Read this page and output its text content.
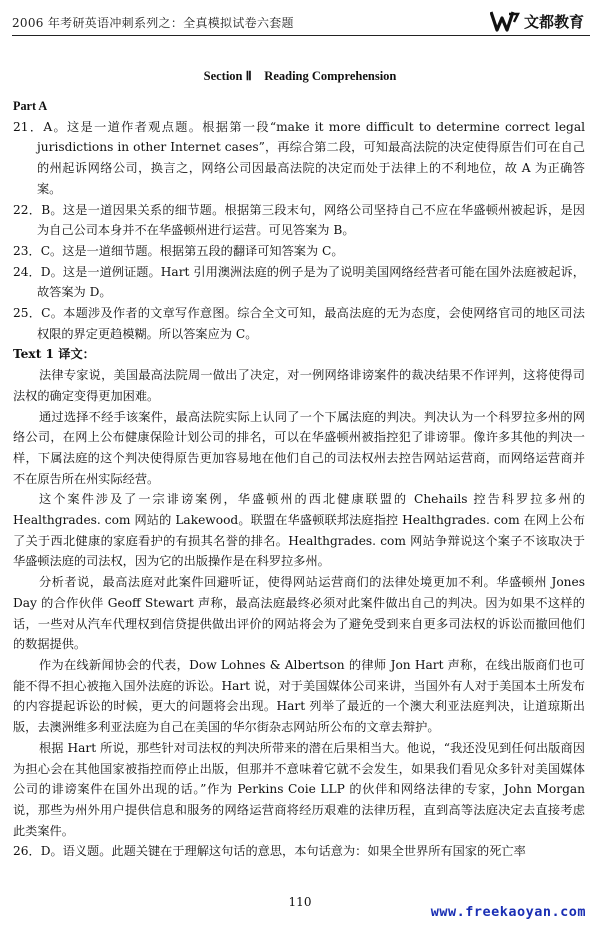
2006 年考研英语冲刺系列之：全真模拟试卷六套题	文都教育
Section Ⅱ　Reading Comprehension

Part A

21．A。这是一道作者观点题。根据第一段“make it more difficult to determine correct legal jurisdictions in other Internet cases”，再综合第二段，可知最高法院的决定使得原告们可在自己的州起诉网络公司，换言之，网络公司因最高法院的决定而处于法律上的不利地位，故 A 为正确答案。

22．B。这是一道因果关系的细节题。根据第三段末句，网络公司坚持自己不应在华盛顿州被起诉，是因为自己公司本身并不在华盛顿州进行运营。可见答案为 B。

23．C。这是一道细节题。根据第五段的翻译可知答案为 C。

24．D。这是一道例证题。Hart 引用澳洲法庭的例子是为了说明美国网络经营者可能在国外法庭被起诉，故答案为 D。

25．C。本题涉及作者的文章写作意图。综合全文可知，最高法庭的无为态度，会使网络官司的地区司法权限的界定更趋模糊。所以答案应为 C。

Text 1 译文：

法律专家说，美国最高法院周一做出了决定，对一例网络诽谤案件的裁决结果不作评判，这将使得司法权的确定变得更加困难。

通过选择不经手该案件，最高法院实际上认同了一个下属法庭的判决。判决认为一个科罗拉多州的网络公司，在网上公布健康保险计划公司的排名，可以在华盛顿州被指控犯了诽谤罪。像许多其他的判决一样，下属法庭的这个判决使得原告更加容易地在他们自己的司法权州去控告网站运营商，而网络运营商并不在原告所在州实际经营。

这个案件涉及了一宗诽谤案例，华盛顿州的西北健康联盟的 Chehails 控告科罗拉多州的 Healthgrades. com 网站的 Lakewood。联盟在华盛顿联邦法庭指控 Healthgrades. com 在网上公布了关于西北健康的家庭看护的有损其名誉的排名。Healthgrades. com 网站争辩说这个案子不该取决于华盛顿法庭的司法权，因为它的出版操作是在科罗拉多州。

分析者说，最高法庭对此案件回避听证，使得网站运营商们的法律处境更加不利。华盛顿州 Jones Day 的合作伙伴 Geoff Stewart 声称，最高法庭最终必须对此案件做出自己的判决。因为如果不这样的话，一些对从汽车代理权到信贷提供做出评价的网站将会为了避免受到来自更多司法权的诉讼而撤回他们的数据提供。

作为在线新闻协会的代表，Dow Lohnes & Albertson 的律师 Jon Hart 声称，在线出版商们也可能不得不担心被拖入国外法庭的诉讼。Hart 说，对于美国媒体公司来讲，当国外有人对于美国本土所发布的内容提起诉讼的时候，更大的问题将会出现。Hart 列举了最近的一个澳大利亚法庭判决，让道琼斯出版，去澳洲维多利亚法庭为自己在美国的华尔街杂志网站所公布的文章去辩护。

根据 Hart 所说，那些针对司法权的判决所带来的潜在后果相当大。他说，“我还没见到任何出版商因为担心会在其他国家被指控而停止出版，但那并不意味着它就不会发生，如果我们看见众多针对美国媒体公司的诽谤案件在国外出现的话。”作为 Perkins Coie LLP 的伙伴和网络法律的专家，John Morgan 说，那些为州外用户提供信息和服务的网络运营商将经历艰难的法律历程，直到高等法庭决定去直接考虑此类案件。

26．D。语义题。此题关键在于理解这句话的意思，本句话意为：如果全世界所有国家的死亡率

110
www.freekaoyan.com
